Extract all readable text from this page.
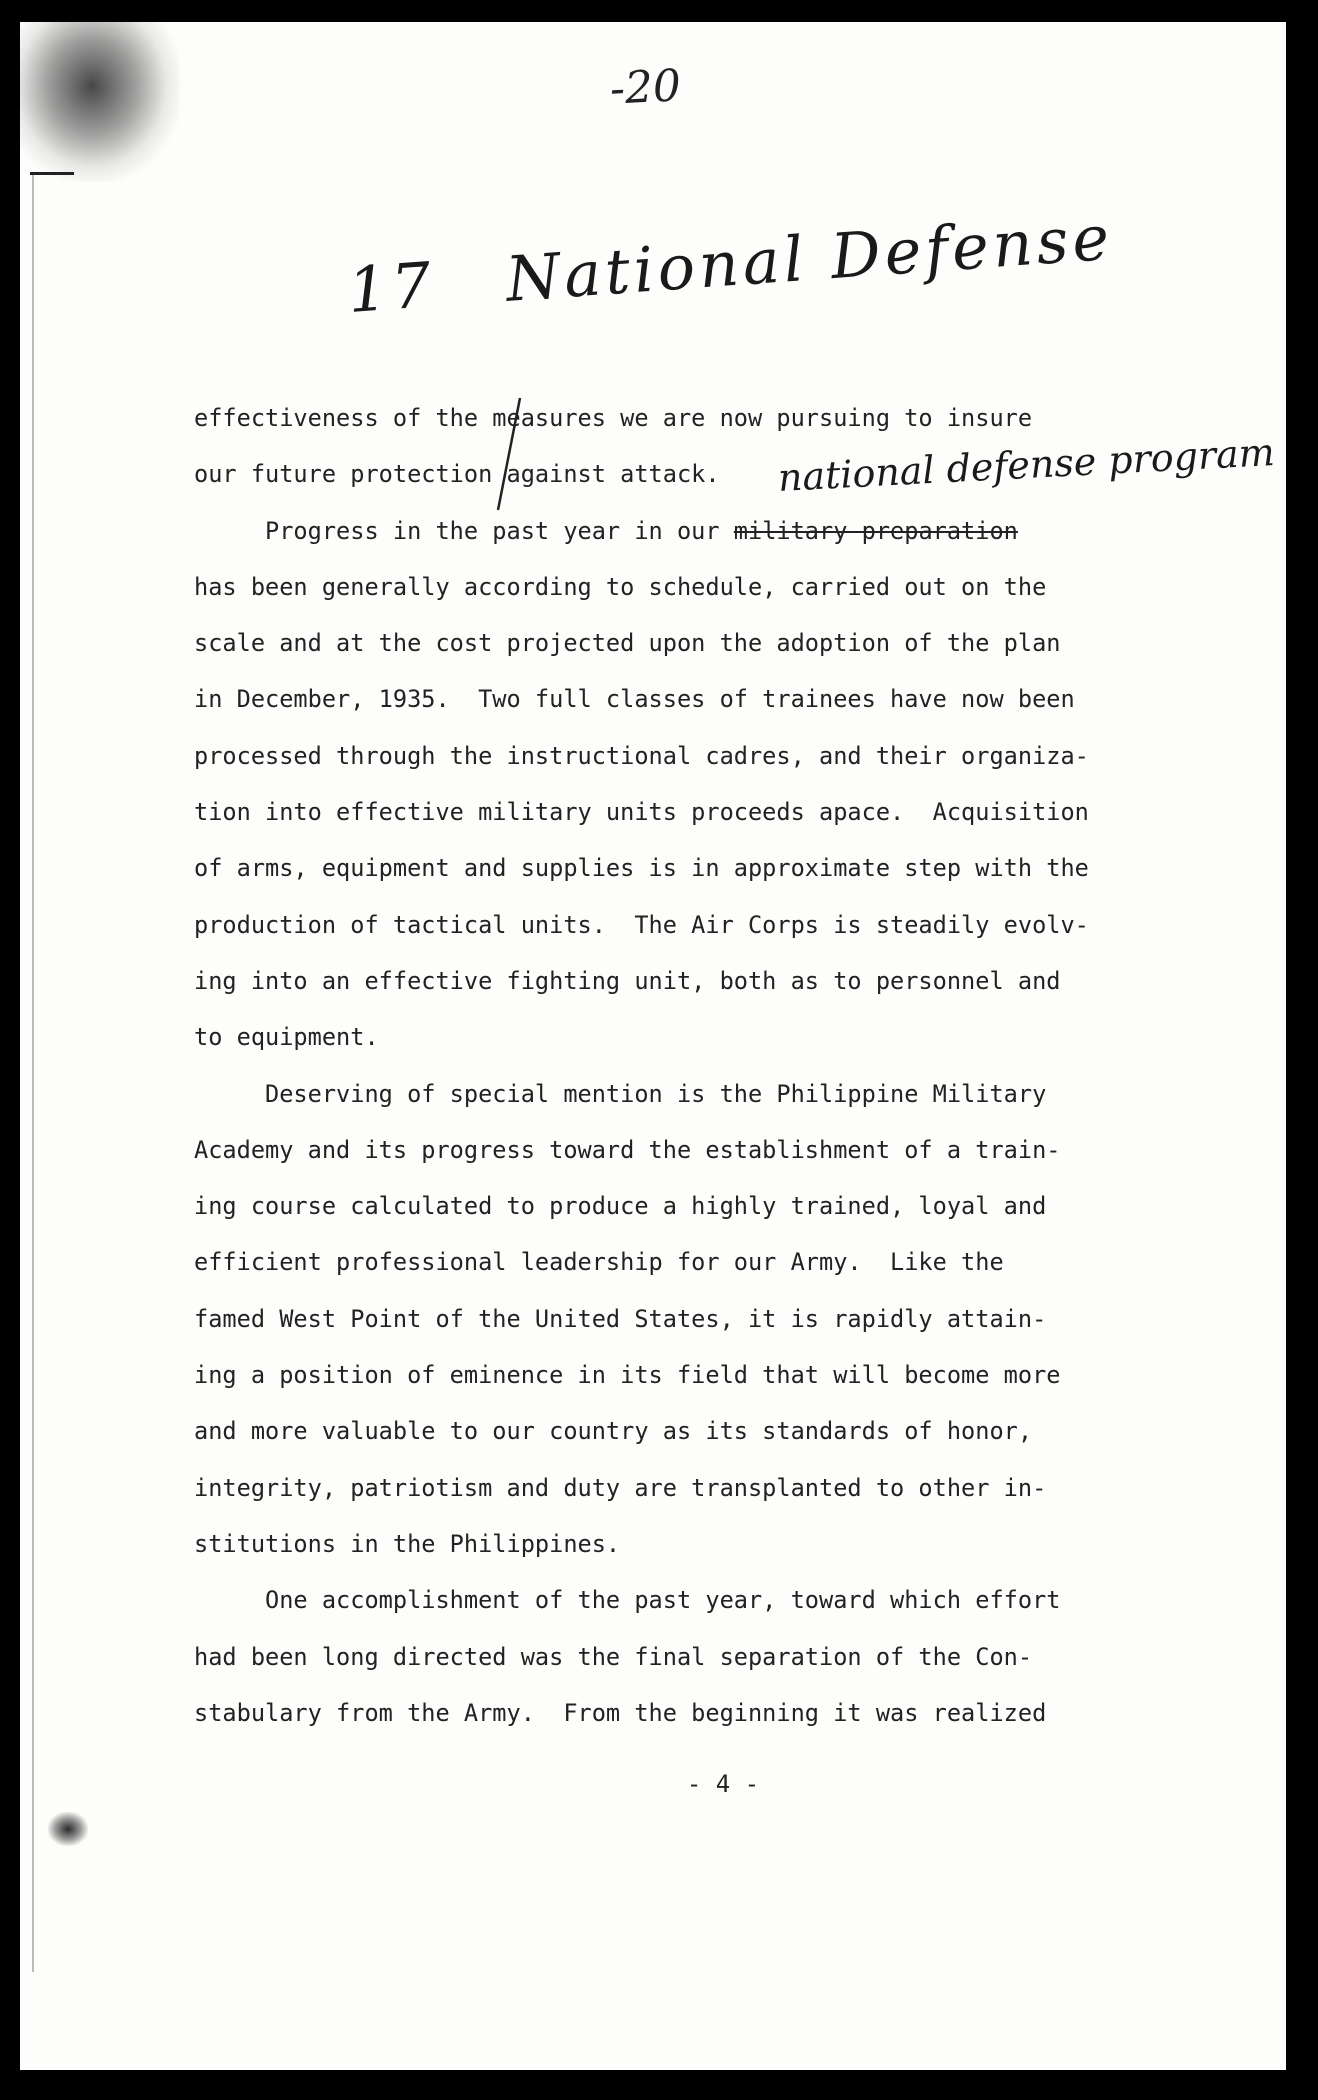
-20
17 National Defense
national defense program
effectiveness of the measures we are now pursuing to insure
our future protection against attack.
Progress in the past year in our military preparation
has been generally according to schedule, carried out on the
scale and at the cost projected upon the adoption of the plan
in December, 1935.  Two full classes of trainees have now been
processed through the instructional cadres, and their organiza-
tion into effective military units proceeds apace.  Acquisition
of arms, equipment and supplies is in approximate step with the
production of tactical units.  The Air Corps is steadily evolv-
ing into an effective fighting unit, both as to personnel and
to equipment.
Deserving of special mention is the Philippine Military
Academy and its progress toward the establishment of a train-
ing course calculated to produce a highly trained, loyal and
efficient professional leadership for our Army.  Like the
famed West Point of the United States, it is rapidly attain-
ing a position of eminence in its field that will become more
and more valuable to our country as its standards of honor,
integrity, patriotism and duty are transplanted to other in-
stitutions in the Philippines.
One accomplishment of the past year, toward which effort
had been long directed was the final separation of the Con-
stabulary from the Army.  From the beginning it was realized
- 4 -
